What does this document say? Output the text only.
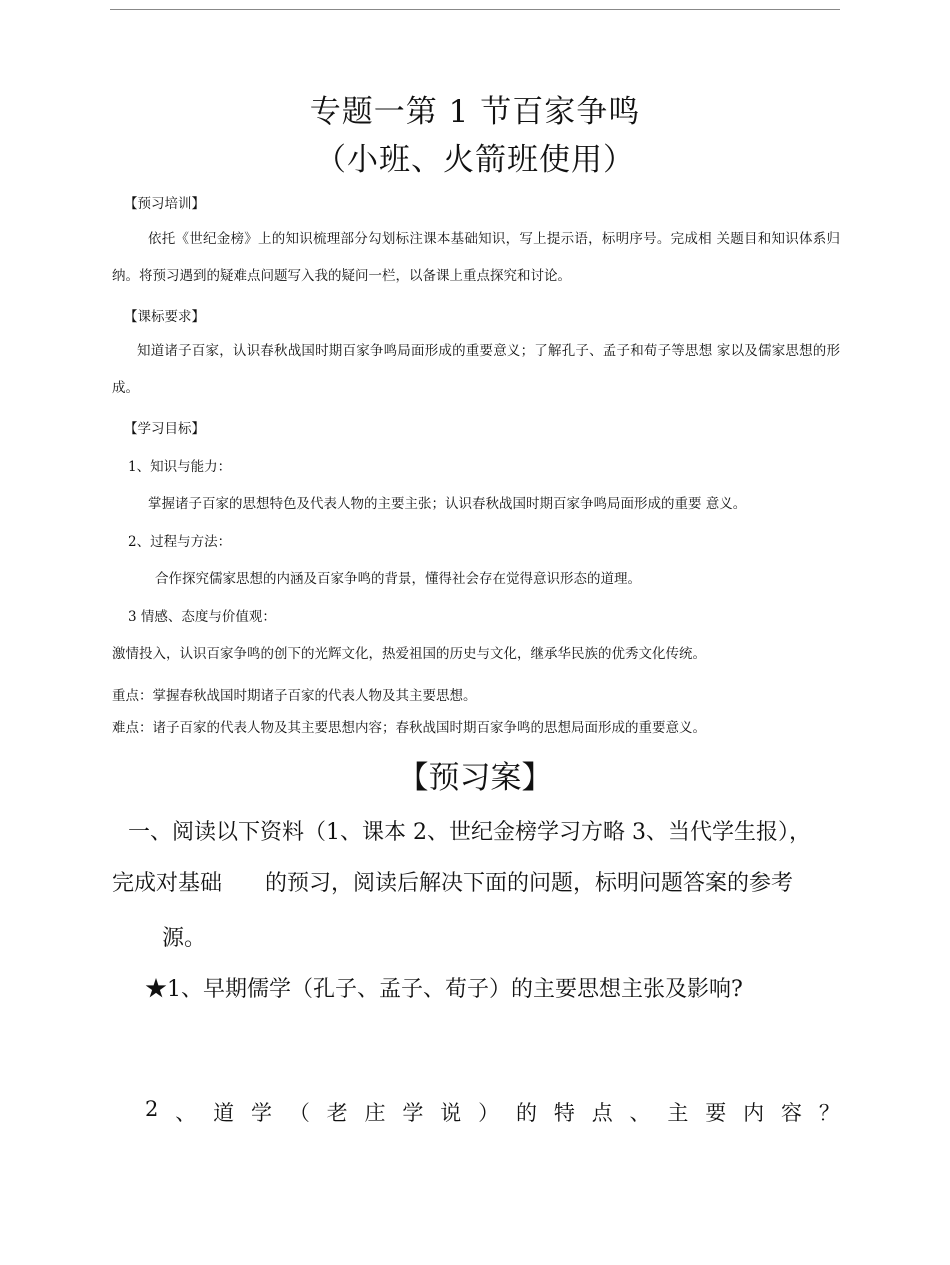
专题一第 1 节百家争鸣
（小班、火箭班使用）
【预习培训】
依托《世纪金榜》上的知识梳理部分勾划标注课本基础知识，写上提示语，标明序号。完成相 关题目和知识体系归纳。将预习遇到的疑难点问题写入我的疑问一栏，以备课上重点探究和讨论。
【课标要求】
知道诸子百家，认识春秋战国时期百家争鸣局面形成的重要意义；了解孔子、孟子和荀子等思想 家以及儒家思想的形成。
【学习目标】
1、知识与能力：
掌握诸子百家的思想特色及代表人物的主要主张；认识春秋战国时期百家争鸣局面形成的重要 意义。
2、过程与方法：
合作探究儒家思想的内涵及百家争鸣的背景，懂得社会存在觉得意识形态的道理。
3 情感、态度与价值观：
激情投入，认识百家争鸣的创下的光辉文化，热爱祖国的历史与文化，继承华民族的优秀文化传统。
重点：掌握春秋战国时期诸子百家的代表人物及其主要思想。
难点：诸子百家的代表人物及其主要思想内容；春秋战国时期百家争鸣的思想局面形成的重要意义。
【预习案】
一、阅读以下资料（1、课本 2、世纪金榜学习方略 3、当代学生报），
完成对基础 的预习，阅读后解决下面的问题，标明问题答案的参考
源。
★1、早期儒学（孔子、孟子、荀子）的主要思想主张及影响?
2 、 道 学 （ 老 庄 学 说 ） 的 特 点 、 主 要 内 容 ？
